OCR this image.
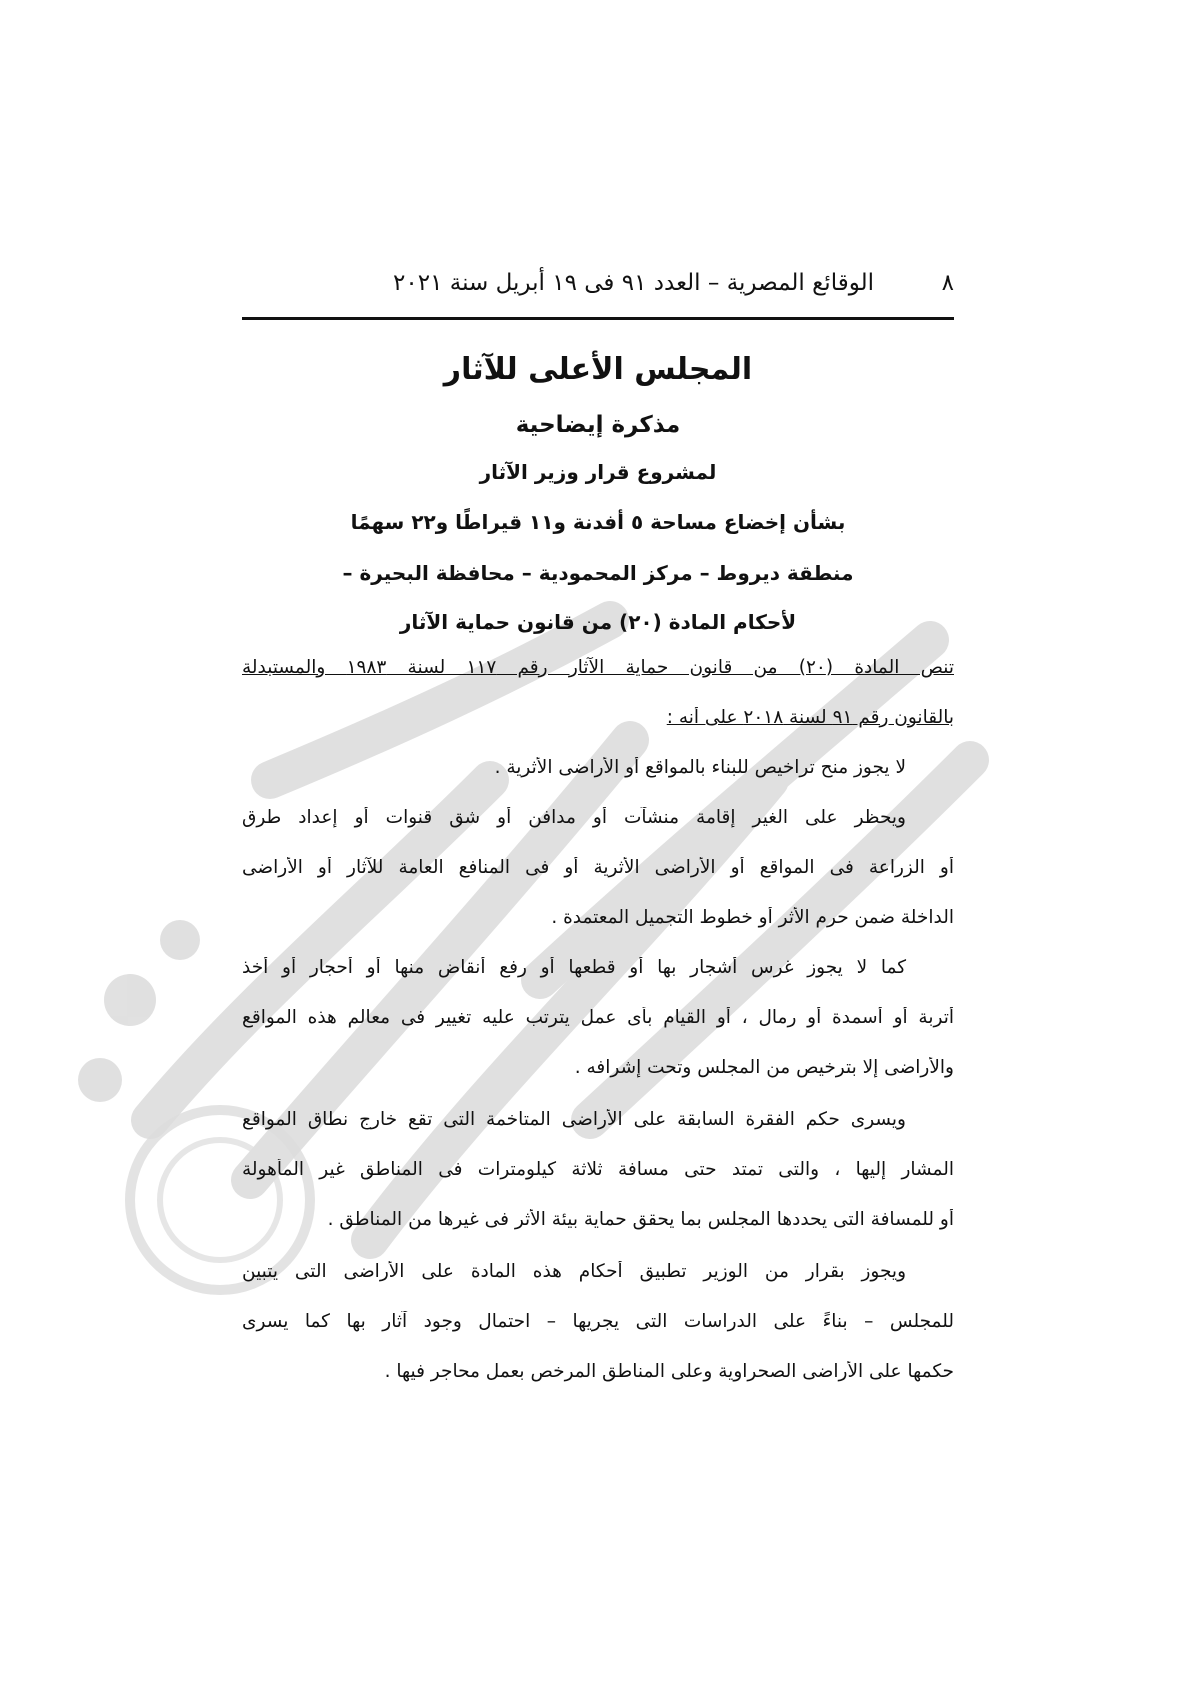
٨
الوقائع المصرية – العدد ٩١ فى ١٩ أبريل سنة ٢٠٢١
المجلس الأعلى للآثار
مذكرة إيضاحية
لمشروع قرار وزير الآثار
بشأن إخضاع مساحة ٥ أفدنة و١١ قيراطًا و٢٢ سهمًا
منطقة ديروط – مركز المحمودية – محافظة البحيرة –
لأحكام المادة (٢٠) من قانون حماية الآثار
تنص المادة (٢٠) من قانون حماية الآثار رقم ١١٧ لسنة ١٩٨٣ والمستبدلة
بالقانون رقم ٩١ لسنة ٢٠١٨ على أنه :
لا يجوز منح تراخيص للبناء بالمواقع أو الأراضى الأثرية .
ويحظر على الغير إقامة منشآت أو مدافن أو شق قنوات أو إعداد طرق
أو الزراعة فى المواقع أو الأراضى الأثرية أو فى المنافع العامة للآثار أو الأراضى
الداخلة ضمن حرم الأثر أو خطوط التجميل المعتمدة .
كما لا يجوز غرس أشجار بها أو قطعها أو رفع أنقاض منها أو أحجار أو أخذ
أتربة أو أسمدة أو رمال ، أو القيام بأى عمل يترتب عليه تغيير فى معالم هذه المواقع
والأراضى إلا بترخيص من المجلس وتحت إشرافه .
ويسرى حكم الفقرة السابقة على الأراضى المتاخمة التى تقع خارج نطاق المواقع
المشار إليها ، والتى تمتد حتى مسافة ثلاثة كيلومترات فى المناطق غير المأهولة
أو للمسافة التى يحددها المجلس بما يحقق حماية بيئة الأثر فى غيرها من المناطق .
ويجوز بقرار من الوزير تطبيق أحكام هذه المادة على الأراضى التى يتبين
للمجلس – بناءً على الدراسات التى يجريها – احتمال وجود آثار بها كما يسرى
حكمها على الأراضى الصحراوية وعلى المناطق المرخص بعمل محاجر فيها .
